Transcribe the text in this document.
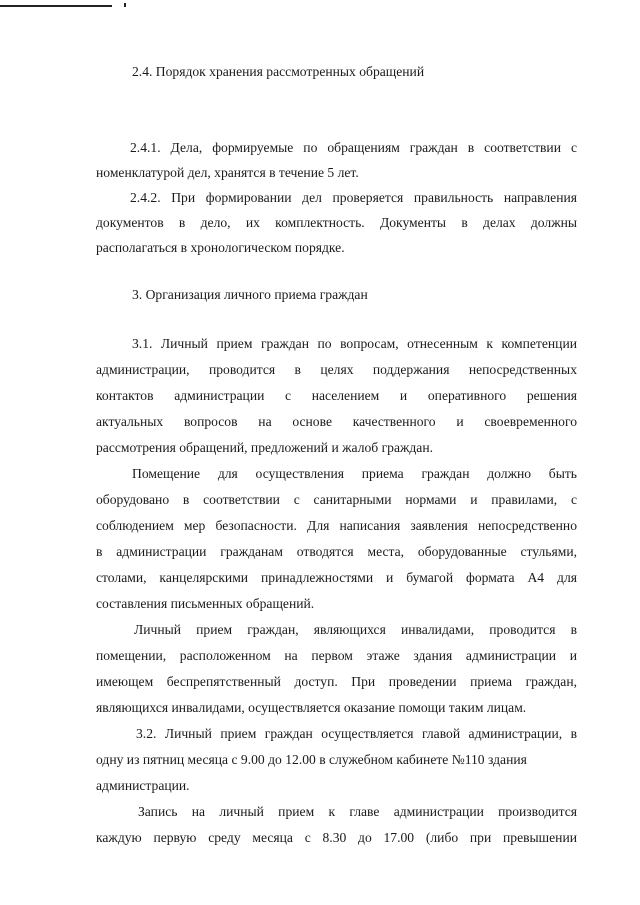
2.4. Порядок хранения рассмотренных обращений
2.4.1. Дела, формируемые по обращениям граждан в соответствии с
номенклатурой дел, хранятся в течение 5 лет.
2.4.2. При формировании дел проверяется правильность направления
документов в дело, их комплектность. Документы в делах должны
располагаться в хронологическом порядке.
3. Организация личного приема граждан
3.1. Личный прием граждан по вопросам, отнесенным к компетенции
администрации, проводится в целях поддержания непосредственных
контактов администрации с населением и оперативного решения
актуальных вопросов на основе качественного и своевременного
рассмотрения обращений, предложений и жалоб граждан.
Помещение для осуществления приема граждан должно быть
оборудовано в соответствии с санитарными нормами и правилами, с
соблюдением мер безопасности. Для написания заявления непосредственно
в администрации гражданам отводятся места, оборудованные стульями,
столами, канцелярскими принадлежностями и бумагой формата А4 для
составления письменных обращений.
Личный прием граждан, являющихся инвалидами, проводится в
помещении, расположенном на первом этаже здания администрации и
имеющем беспрепятственный доступ. При проведении приема граждан,
являющихся инвалидами, осуществляется оказание помощи таким лицам.
3.2. Личный прием граждан осуществляется главой администрации, в
одну из пятниц месяца с 9.00 до 12.00 в служебном кабинете №110 здания
администрации.
Запись на личный прием к главе администрации производится
каждую первую среду месяца с 8.30 до 17.00 (либо при превышении
